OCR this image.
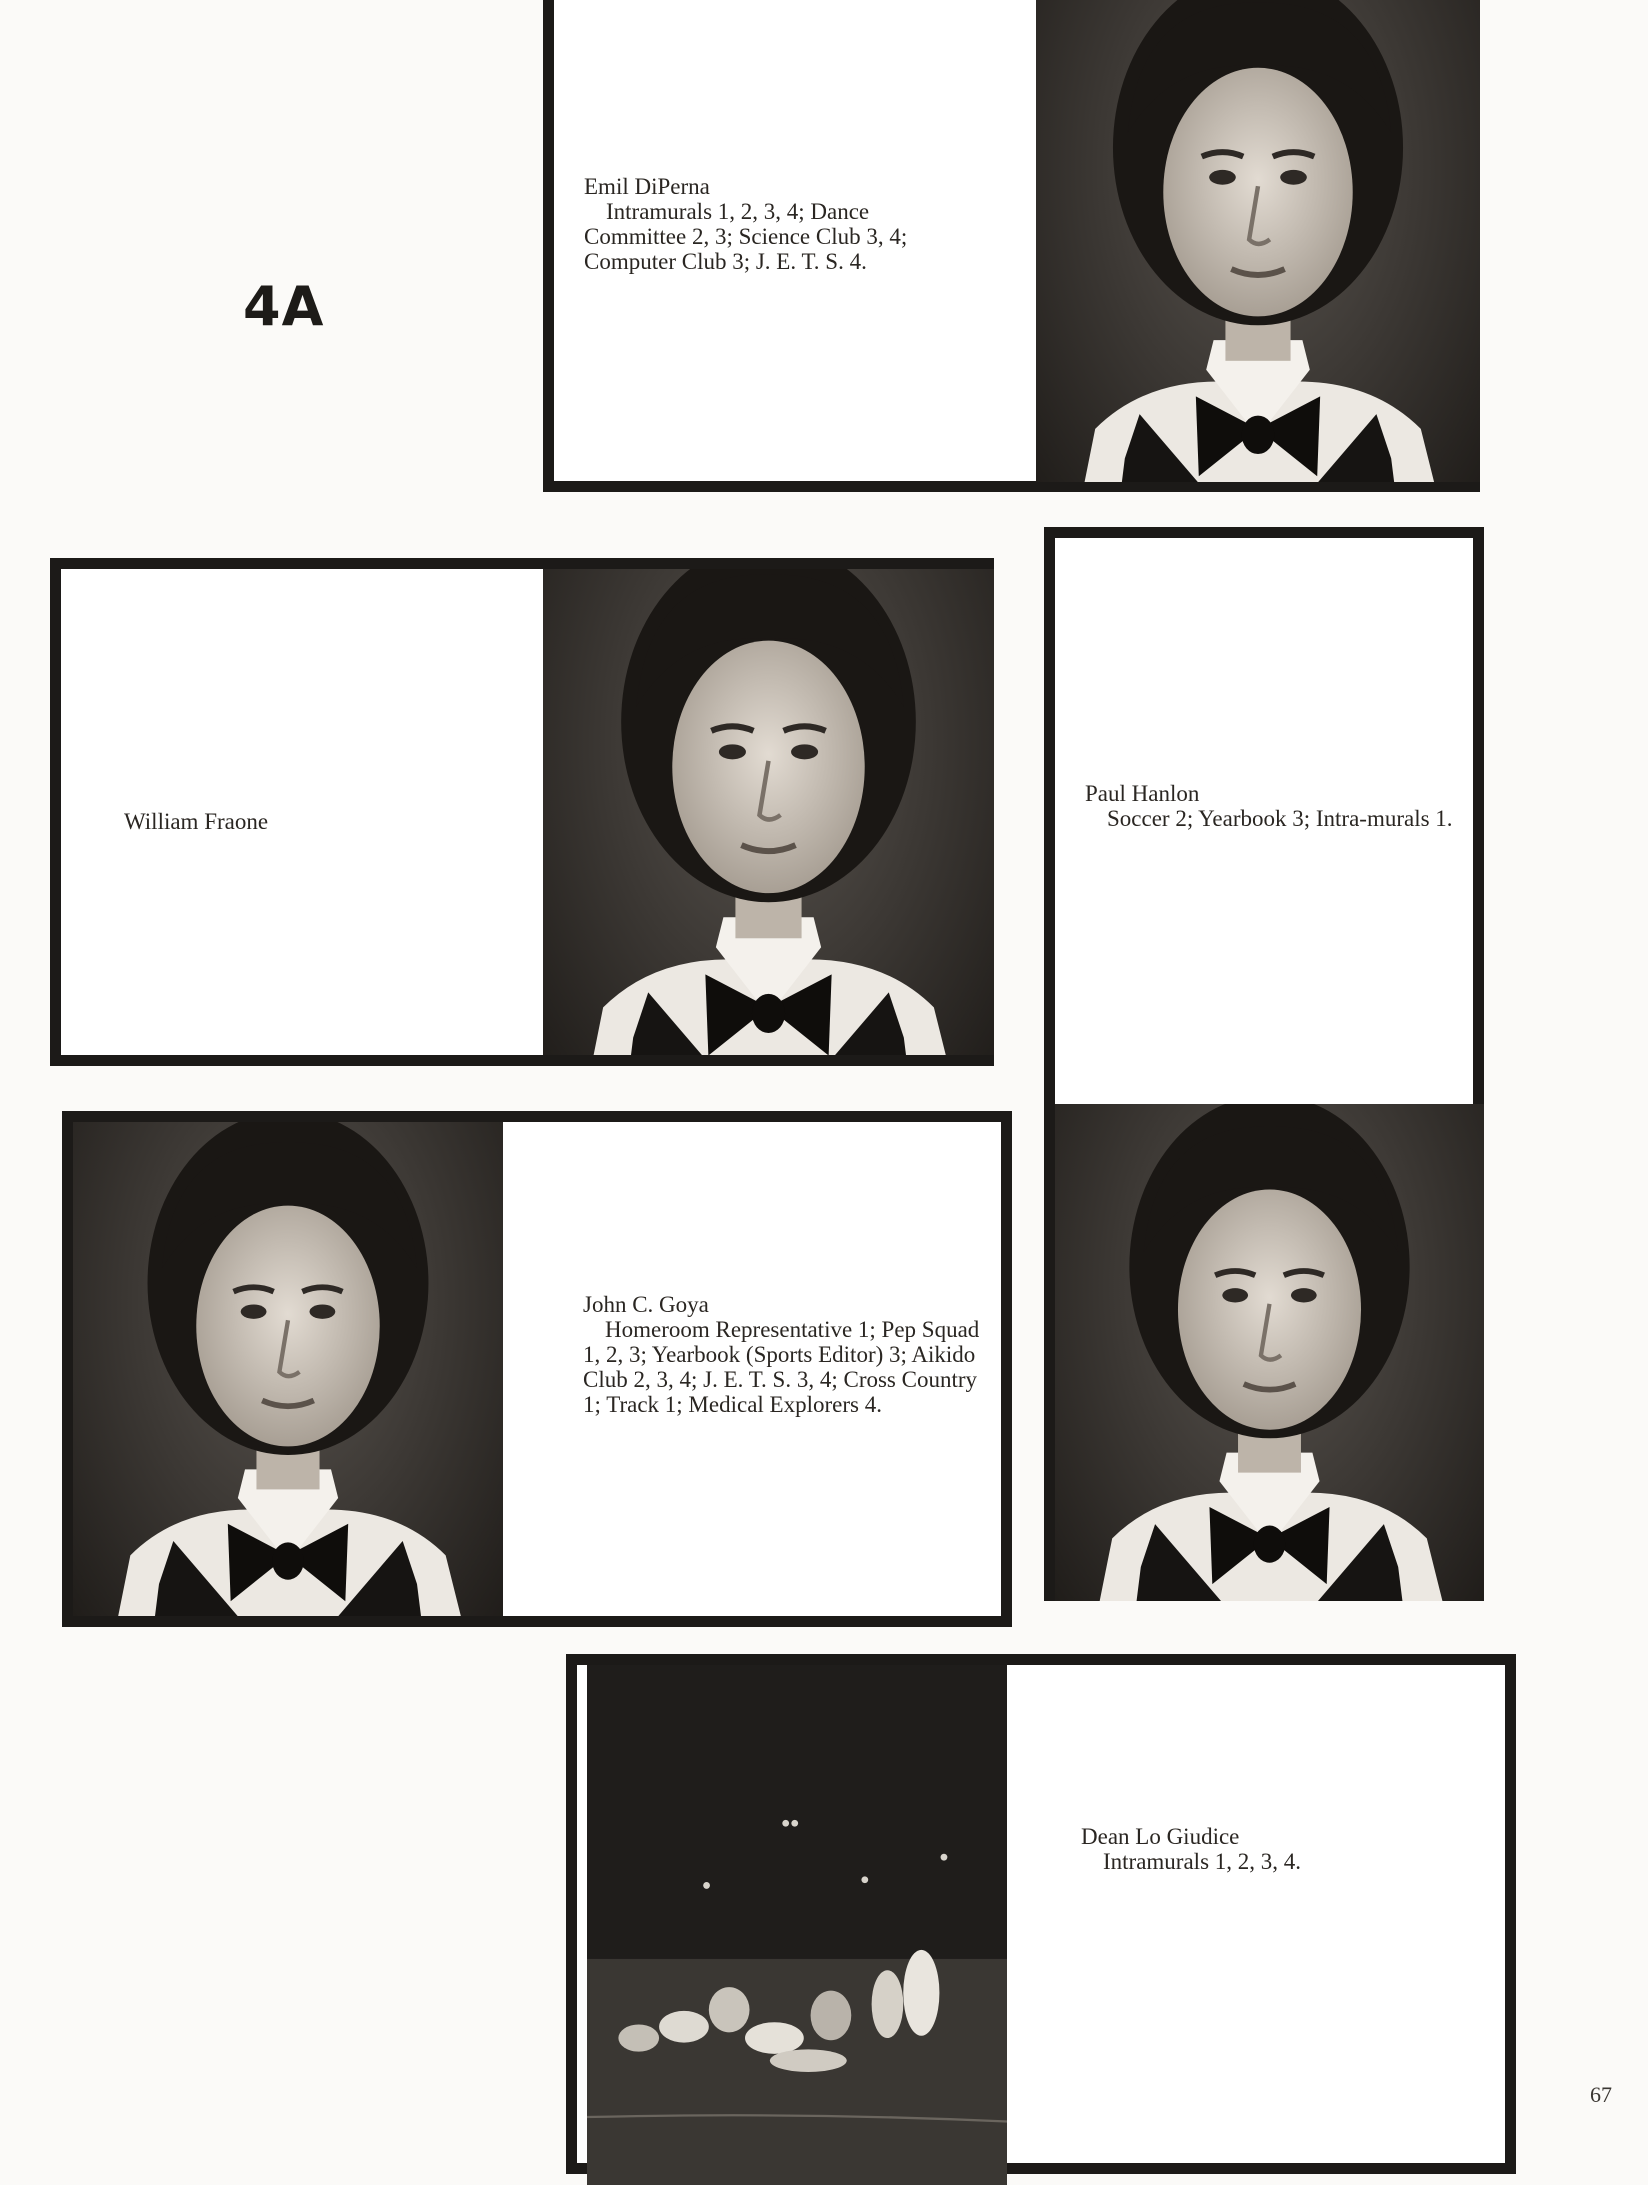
4A
Emil DiPerna
Intramurals 1, 2, 3, 4; Dance Committee 2, 3; Science Club 3, 4; Computer Club 3; J. E. T. S. 4.
William Fraone
Paul Hanlon
Soccer 2; Yearbook 3; Intra-murals 1.
John C. Goya
Homeroom Representative 1; Pep Squad 1, 2, 3; Yearbook (Sports Editor) 3; Aikido Club 2, 3, 4; J. E. T. S. 3, 4; Cross Country 1; Track 1; Medical Explorers 4.
Dean Lo Giudice
Intramurals 1, 2, 3, 4.
67
